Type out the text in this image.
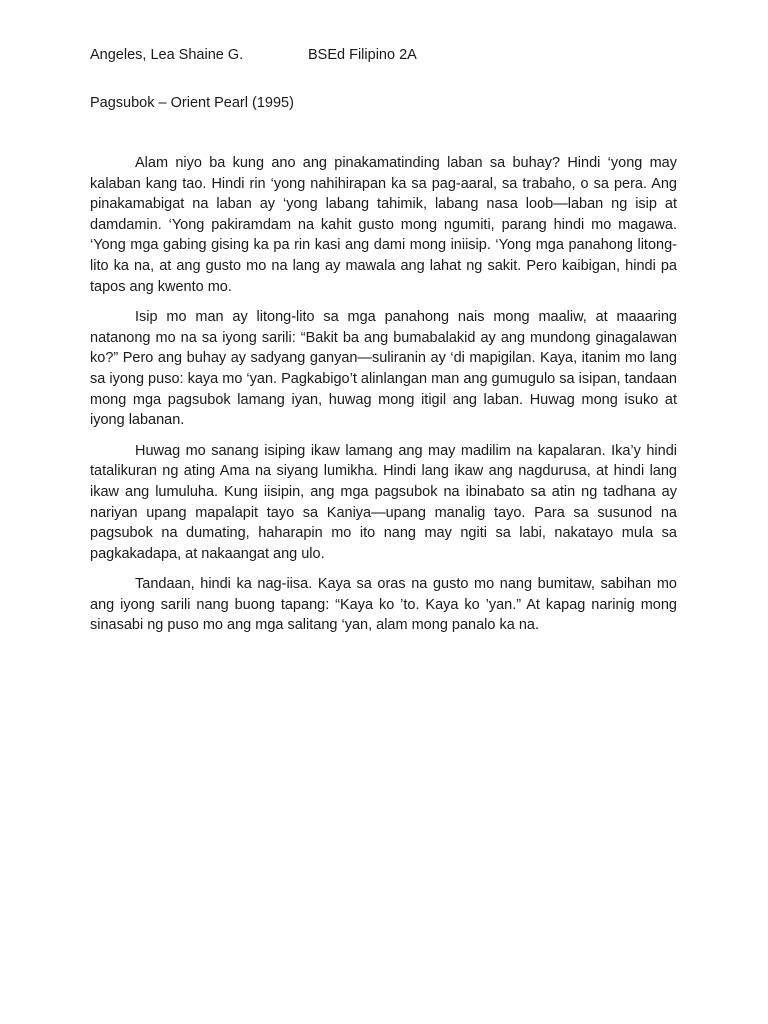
Angeles, Lea Shaine G.	BSEd Filipino 2A
Pagsubok – Orient Pearl (1995)

Alam niyo ba kung ano ang pinakamatinding laban sa buhay? Hindi ‘yong may kalaban kang tao. Hindi rin ‘yong nahihirapan ka sa pag-aaral, sa trabaho, o sa pera. Ang pinakamabigat na laban ay ‘yong labang tahimik, labang nasa loob—laban ng isip at damdamin. ‘Yong pakiramdam na kahit gusto mong ngumiti, parang hindi mo magawa. ‘Yong mga gabing gising ka pa rin kasi ang dami mong iniisip. ‘Yong mga panahong litong-lito ka na, at ang gusto mo na lang ay mawala ang lahat ng sakit. Pero kaibigan, hindi pa tapos ang kwento mo.

Isip mo man ay litong-lito sa mga panahong nais mong maaliw, at maaaring natanong mo na sa iyong sarili: “Bakit ba ang bumabalakid ay ang mundong ginagalawan ko?” Pero ang buhay ay sadyang ganyan—suliranin ay ‘di mapigilan. Kaya, itanim mo lang sa iyong puso: kaya mo ‘yan. Pagkabigo’t alinlangan man ang gumugulo sa isipan, tandaan mong mga pagsubok lamang iyan, huwag mong itigil ang laban. Huwag mong isuko at iyong labanan.

Huwag mo sanang isiping ikaw lamang ang may madilim na kapalaran. Ika’y hindi tatalikuran ng ating Ama na siyang lumikha. Hindi lang ikaw ang nagdurusa, at hindi lang ikaw ang lumuluha. Kung iisipin, ang mga pagsubok na ibinabato sa atin ng tadhana ay nariyan upang mapalapit tayo sa Kaniya—upang manalig tayo. Para sa susunod na pagsubok na dumating, haharapin mo ito nang may ngiti sa labi, nakatayo mula sa pagkakadapa, at nakaangat ang ulo.

Tandaan, hindi ka nag-iisa. Kaya sa oras na gusto mo nang bumitaw, sabihan mo ang iyong sarili nang buong tapang: “Kaya ko ’to. Kaya ko ’yan.” At kapag narinig mong sinasabi ng puso mo ang mga salitang ‘yan, alam mong panalo ka na.
